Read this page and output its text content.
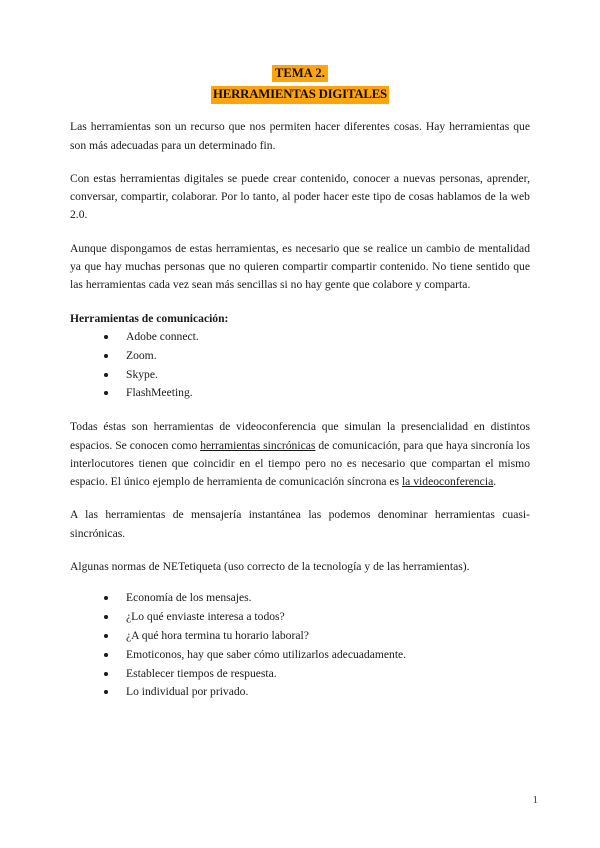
TEMA 2.
HERRAMIENTAS DIGITALES

Las herramientas son un recurso que nos permiten hacer diferentes cosas. Hay herramientas que son más adecuadas para un determinado fin.

Con estas herramientas digitales se puede crear contenido, conocer a nuevas personas, aprender, conversar, compartir, colaborar. Por lo tanto, al poder hacer este tipo de cosas hablamos de la web 2.0.

Aunque dispongamos de estas herramientas, es necesario que se realice un cambio de mentalidad ya que hay muchas personas que no quieren compartir compartir contenido. No tiene sentido que las herramientas cada vez sean más sencillas si no hay gente que colabore y comparta.

Herramientas de comunicación:
Adobe connect.
Zoom.
Skype.
FlashMeeting.

Todas éstas son herramientas de videoconferencia que simulan la presencialidad en distintos espacios. Se conocen como herramientas sincrónicas de comunicación, para que haya sincronía los interlocutores tienen que coincidir en el tiempo pero no es necesario que compartan el mismo espacio. El único ejemplo de herramienta de comunicación síncrona es la videoconferencia.

A las herramientas de mensajería instantánea las podemos denominar herramientas cuasi-sincrónicas.

Algunas normas de NETetiqueta (uso correcto de la tecnología y de las herramientas).

Economía de los mensajes.
¿Lo qué enviaste interesa a todos?
¿A qué hora termina tu horario laboral?
Emoticonos, hay que saber cómo utilizarlos adecuadamente.
Establecer tiempos de respuesta.
Lo individual por privado.
1
